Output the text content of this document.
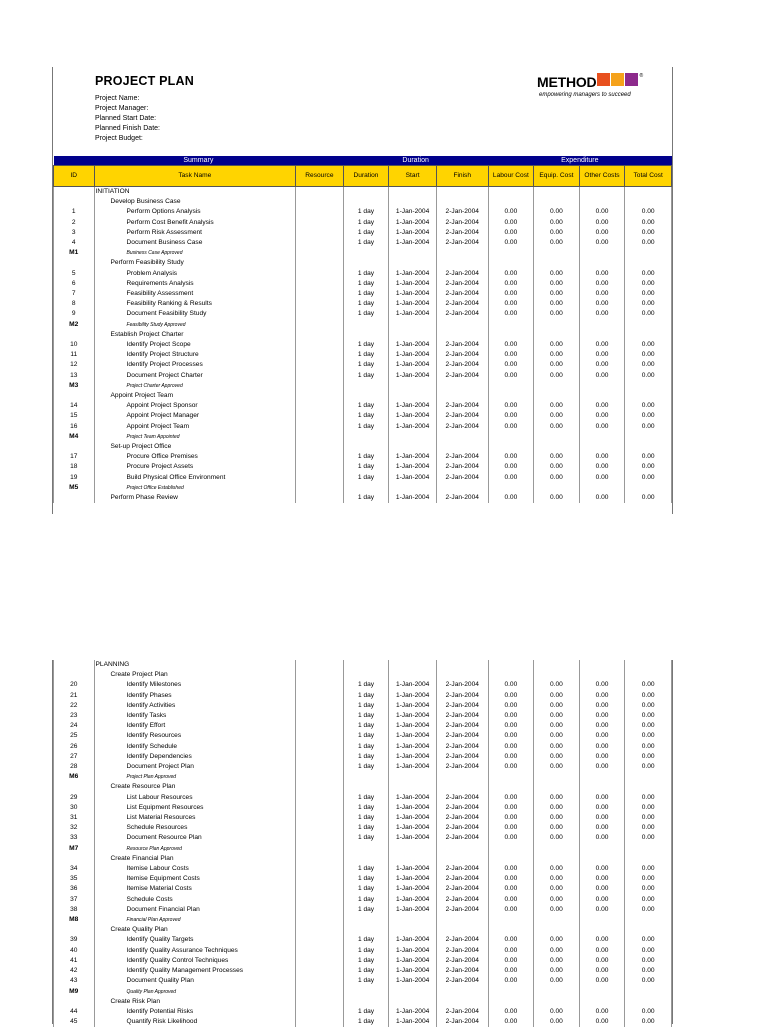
PROJECT PLAN
Project Name:
Project Manager:
Planned Start Date:
Planned Finish Date:
Project Budget:
METHOD	®
empowering managers to succeed
Summary			Duration			Expenditure			
ID	Task Name	Resource	Duration	Start	Finish	Labour Cost	Equip. Cost	Other Costs	Total Cost
	INITIATION								
	Develop Business Case								
1	Perform Options Analysis		1 day	1-Jan-2004	2-Jan-2004	0.00	0.00	0.00	0.00
2	Perform Cost Benefit Analysis		1 day	1-Jan-2004	2-Jan-2004	0.00	0.00	0.00	0.00
3	Perform Risk Assessment		1 day	1-Jan-2004	2-Jan-2004	0.00	0.00	0.00	0.00
4	Document Business Case		1 day	1-Jan-2004	2-Jan-2004	0.00	0.00	0.00	0.00
M1	Business Case Approved								
	Perform Feasibility Study								
5	Problem Analysis		1 day	1-Jan-2004	2-Jan-2004	0.00	0.00	0.00	0.00
6	Requirements Analysis		1 day	1-Jan-2004	2-Jan-2004	0.00	0.00	0.00	0.00
7	Feasibility Assessment		1 day	1-Jan-2004	2-Jan-2004	0.00	0.00	0.00	0.00
8	Feasibility Ranking & Results		1 day	1-Jan-2004	2-Jan-2004	0.00	0.00	0.00	0.00
9	Document Feasibility Study		1 day	1-Jan-2004	2-Jan-2004	0.00	0.00	0.00	0.00
M2	Feasibility Study Approved								
	Establish Project Charter								
10	Identify Project Scope		1 day	1-Jan-2004	2-Jan-2004	0.00	0.00	0.00	0.00
11	Identify Project Structure		1 day	1-Jan-2004	2-Jan-2004	0.00	0.00	0.00	0.00
12	Identify Project Processes		1 day	1-Jan-2004	2-Jan-2004	0.00	0.00	0.00	0.00
13	Document Project Charter		1 day	1-Jan-2004	2-Jan-2004	0.00	0.00	0.00	0.00
M3	Project Charter Approved								
	Appoint Project Team								
14	Appoint Project Sponsor		1 day	1-Jan-2004	2-Jan-2004	0.00	0.00	0.00	0.00
15	Appoint Project Manager		1 day	1-Jan-2004	2-Jan-2004	0.00	0.00	0.00	0.00
16	Appoint Project Team		1 day	1-Jan-2004	2-Jan-2004	0.00	0.00	0.00	0.00
M4	Project Team Appointed								
	Set-up Project Office								
17	Procure Office Premises		1 day	1-Jan-2004	2-Jan-2004	0.00	0.00	0.00	0.00
18	Procure Project Assets		1 day	1-Jan-2004	2-Jan-2004	0.00	0.00	0.00	0.00
19	Build Physical Office Environment		1 day	1-Jan-2004	2-Jan-2004	0.00	0.00	0.00	0.00
M5	Project Office Established								
	Perform Phase Review		1 day	1-Jan-2004	2-Jan-2004	0.00	0.00	0.00	0.00
	PLANNING								
	Create Project Plan								
20	Identify Milestones		1 day	1-Jan-2004	2-Jan-2004	0.00	0.00	0.00	0.00
21	Identify Phases		1 day	1-Jan-2004	2-Jan-2004	0.00	0.00	0.00	0.00
22	Identify Activities		1 day	1-Jan-2004	2-Jan-2004	0.00	0.00	0.00	0.00
23	Identify Tasks		1 day	1-Jan-2004	2-Jan-2004	0.00	0.00	0.00	0.00
24	Identify Effort		1 day	1-Jan-2004	2-Jan-2004	0.00	0.00	0.00	0.00
25	Identify Resources		1 day	1-Jan-2004	2-Jan-2004	0.00	0.00	0.00	0.00
26	Identify Schedule		1 day	1-Jan-2004	2-Jan-2004	0.00	0.00	0.00	0.00
27	Identify Dependencies		1 day	1-Jan-2004	2-Jan-2004	0.00	0.00	0.00	0.00
28	Document Project Plan		1 day	1-Jan-2004	2-Jan-2004	0.00	0.00	0.00	0.00
M6	Project Plan Approved								
	Create Resource Plan								
29	List Labour Resources		1 day	1-Jan-2004	2-Jan-2004	0.00	0.00	0.00	0.00
30	List Equipment Resources		1 day	1-Jan-2004	2-Jan-2004	0.00	0.00	0.00	0.00
31	List Material Resources		1 day	1-Jan-2004	2-Jan-2004	0.00	0.00	0.00	0.00
32	Schedule Resources		1 day	1-Jan-2004	2-Jan-2004	0.00	0.00	0.00	0.00
33	Document Resource Plan		1 day	1-Jan-2004	2-Jan-2004	0.00	0.00	0.00	0.00
M7	Resource Plan Approved								
	Create Financial Plan								
34	Itemise Labour Costs		1 day	1-Jan-2004	2-Jan-2004	0.00	0.00	0.00	0.00
35	Itemise Equipment Costs		1 day	1-Jan-2004	2-Jan-2004	0.00	0.00	0.00	0.00
36	Itemise Material Costs		1 day	1-Jan-2004	2-Jan-2004	0.00	0.00	0.00	0.00
37	Schedule Costs		1 day	1-Jan-2004	2-Jan-2004	0.00	0.00	0.00	0.00
38	Document Financial Plan		1 day	1-Jan-2004	2-Jan-2004	0.00	0.00	0.00	0.00
M8	Financial Plan Approved								
	Create Quality Plan								
39	Identify Quality Targets		1 day	1-Jan-2004	2-Jan-2004	0.00	0.00	0.00	0.00
40	Identify Quality Assurance Techniques		1 day	1-Jan-2004	2-Jan-2004	0.00	0.00	0.00	0.00
41	Identify Quality Control Techniques		1 day	1-Jan-2004	2-Jan-2004	0.00	0.00	0.00	0.00
42	Identify Quality Management Processes		1 day	1-Jan-2004	2-Jan-2004	0.00	0.00	0.00	0.00
43	Document Quality Plan		1 day	1-Jan-2004	2-Jan-2004	0.00	0.00	0.00	0.00
M9	Quality Plan Approved								
	Create Risk Plan								
44	Identify Potential Risks		1 day	1-Jan-2004	2-Jan-2004	0.00	0.00	0.00	0.00
45	Quantify Risk Likelihood		1 day	1-Jan-2004	2-Jan-2004	0.00	0.00	0.00	0.00
